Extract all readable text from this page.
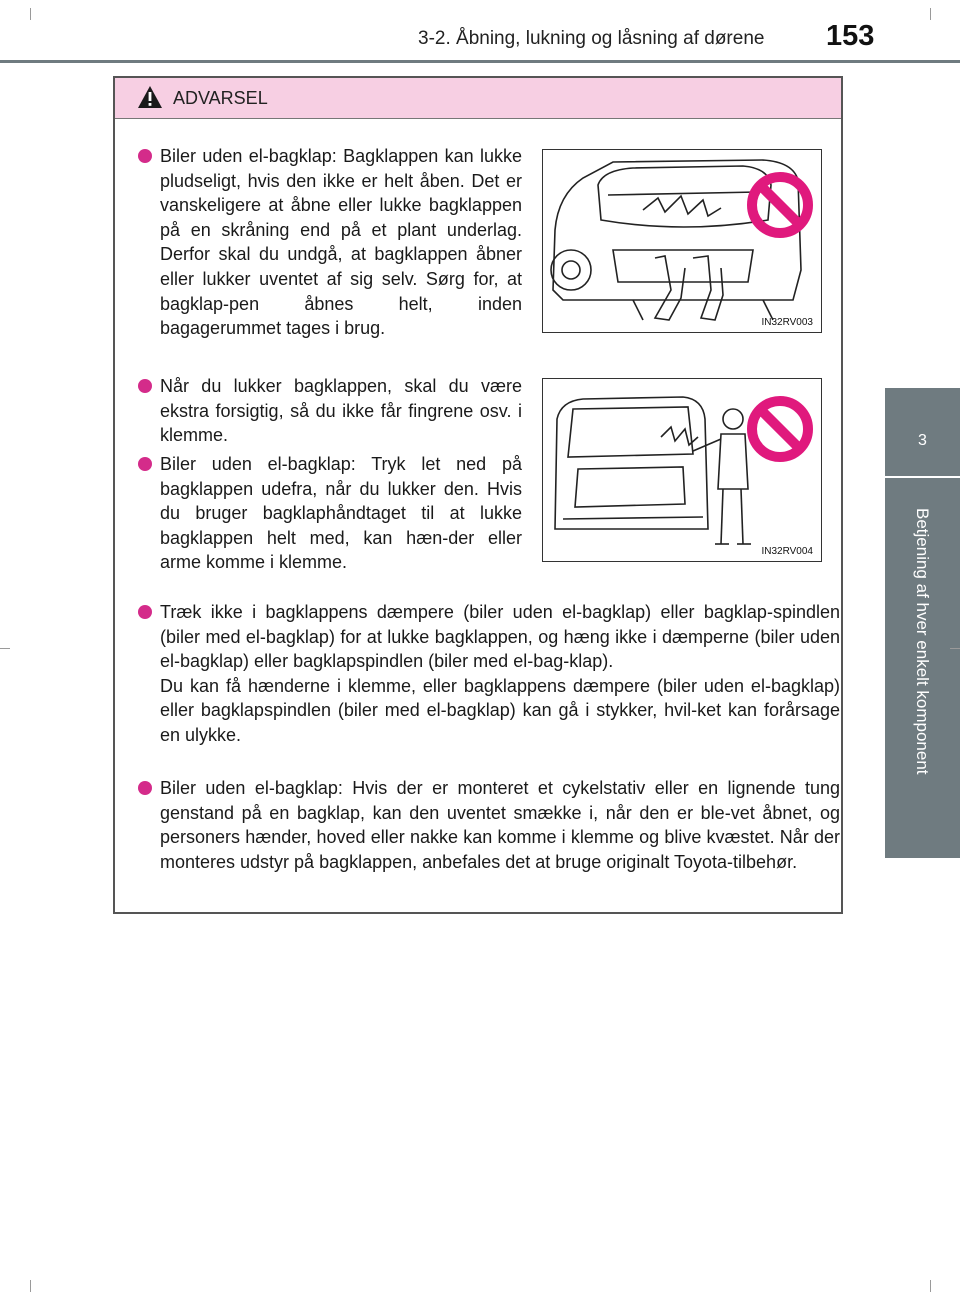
3-2. Åbning, lukning og låsning af dørene 153
3
Betjening af hver enkelt komponent
ADVARSEL

Biler uden el-bagklap: Bagklappen kan lukke pludseligt, hvis den ikke er helt åben. Det er vanskeligere at åbne eller lukke bagklappen på en skråning end på et plant underlag. Derfor skal du undgå, at bagklappen åbner eller lukker uventet af sig selv. Sørg for, at bagklap-pen åbnes helt, inden bagagerummet tages i brug.	IN32RV003

Når du lukker bagklappen, skal du være ekstra forsigtig, så du ikke får fingrene osv. i klemme.

Biler uden el-bagklap: Tryk let ned på bagklappen udefra, når du lukker den. Hvis du bruger bagklaphåndtaget til at lukke bagklappen helt med, kan hæn-der eller arme komme i klemme.

IN32RV004

Træk ikke i bagklappens dæmpere (biler uden el-bagklap) eller bagklap-spindlen (biler med el-bagklap) for at lukke bagklappen, og hæng ikke i dæmperne (biler uden el-bagklap) eller bagklapspindlen (biler med el-bag-klap).

Du kan få hænderne i klemme, eller bagklappens dæmpere (biler uden el-bagklap) eller bagklapspindlen (biler med el-bagklap) kan gå i stykker, hvil-ket kan forårsage en ulykke.

Biler uden el-bagklap: Hvis der er monteret et cykelstativ eller en lignende tung genstand på en bagklap, kan den uventet smække i, når den er ble-vet åbnet, og personers hænder, hoved eller nakke kan komme i klemme og blive kvæstet. Når der monteres udstyr på bagklappen, anbefales det at bruge originalt Toyota-tilbehør.
